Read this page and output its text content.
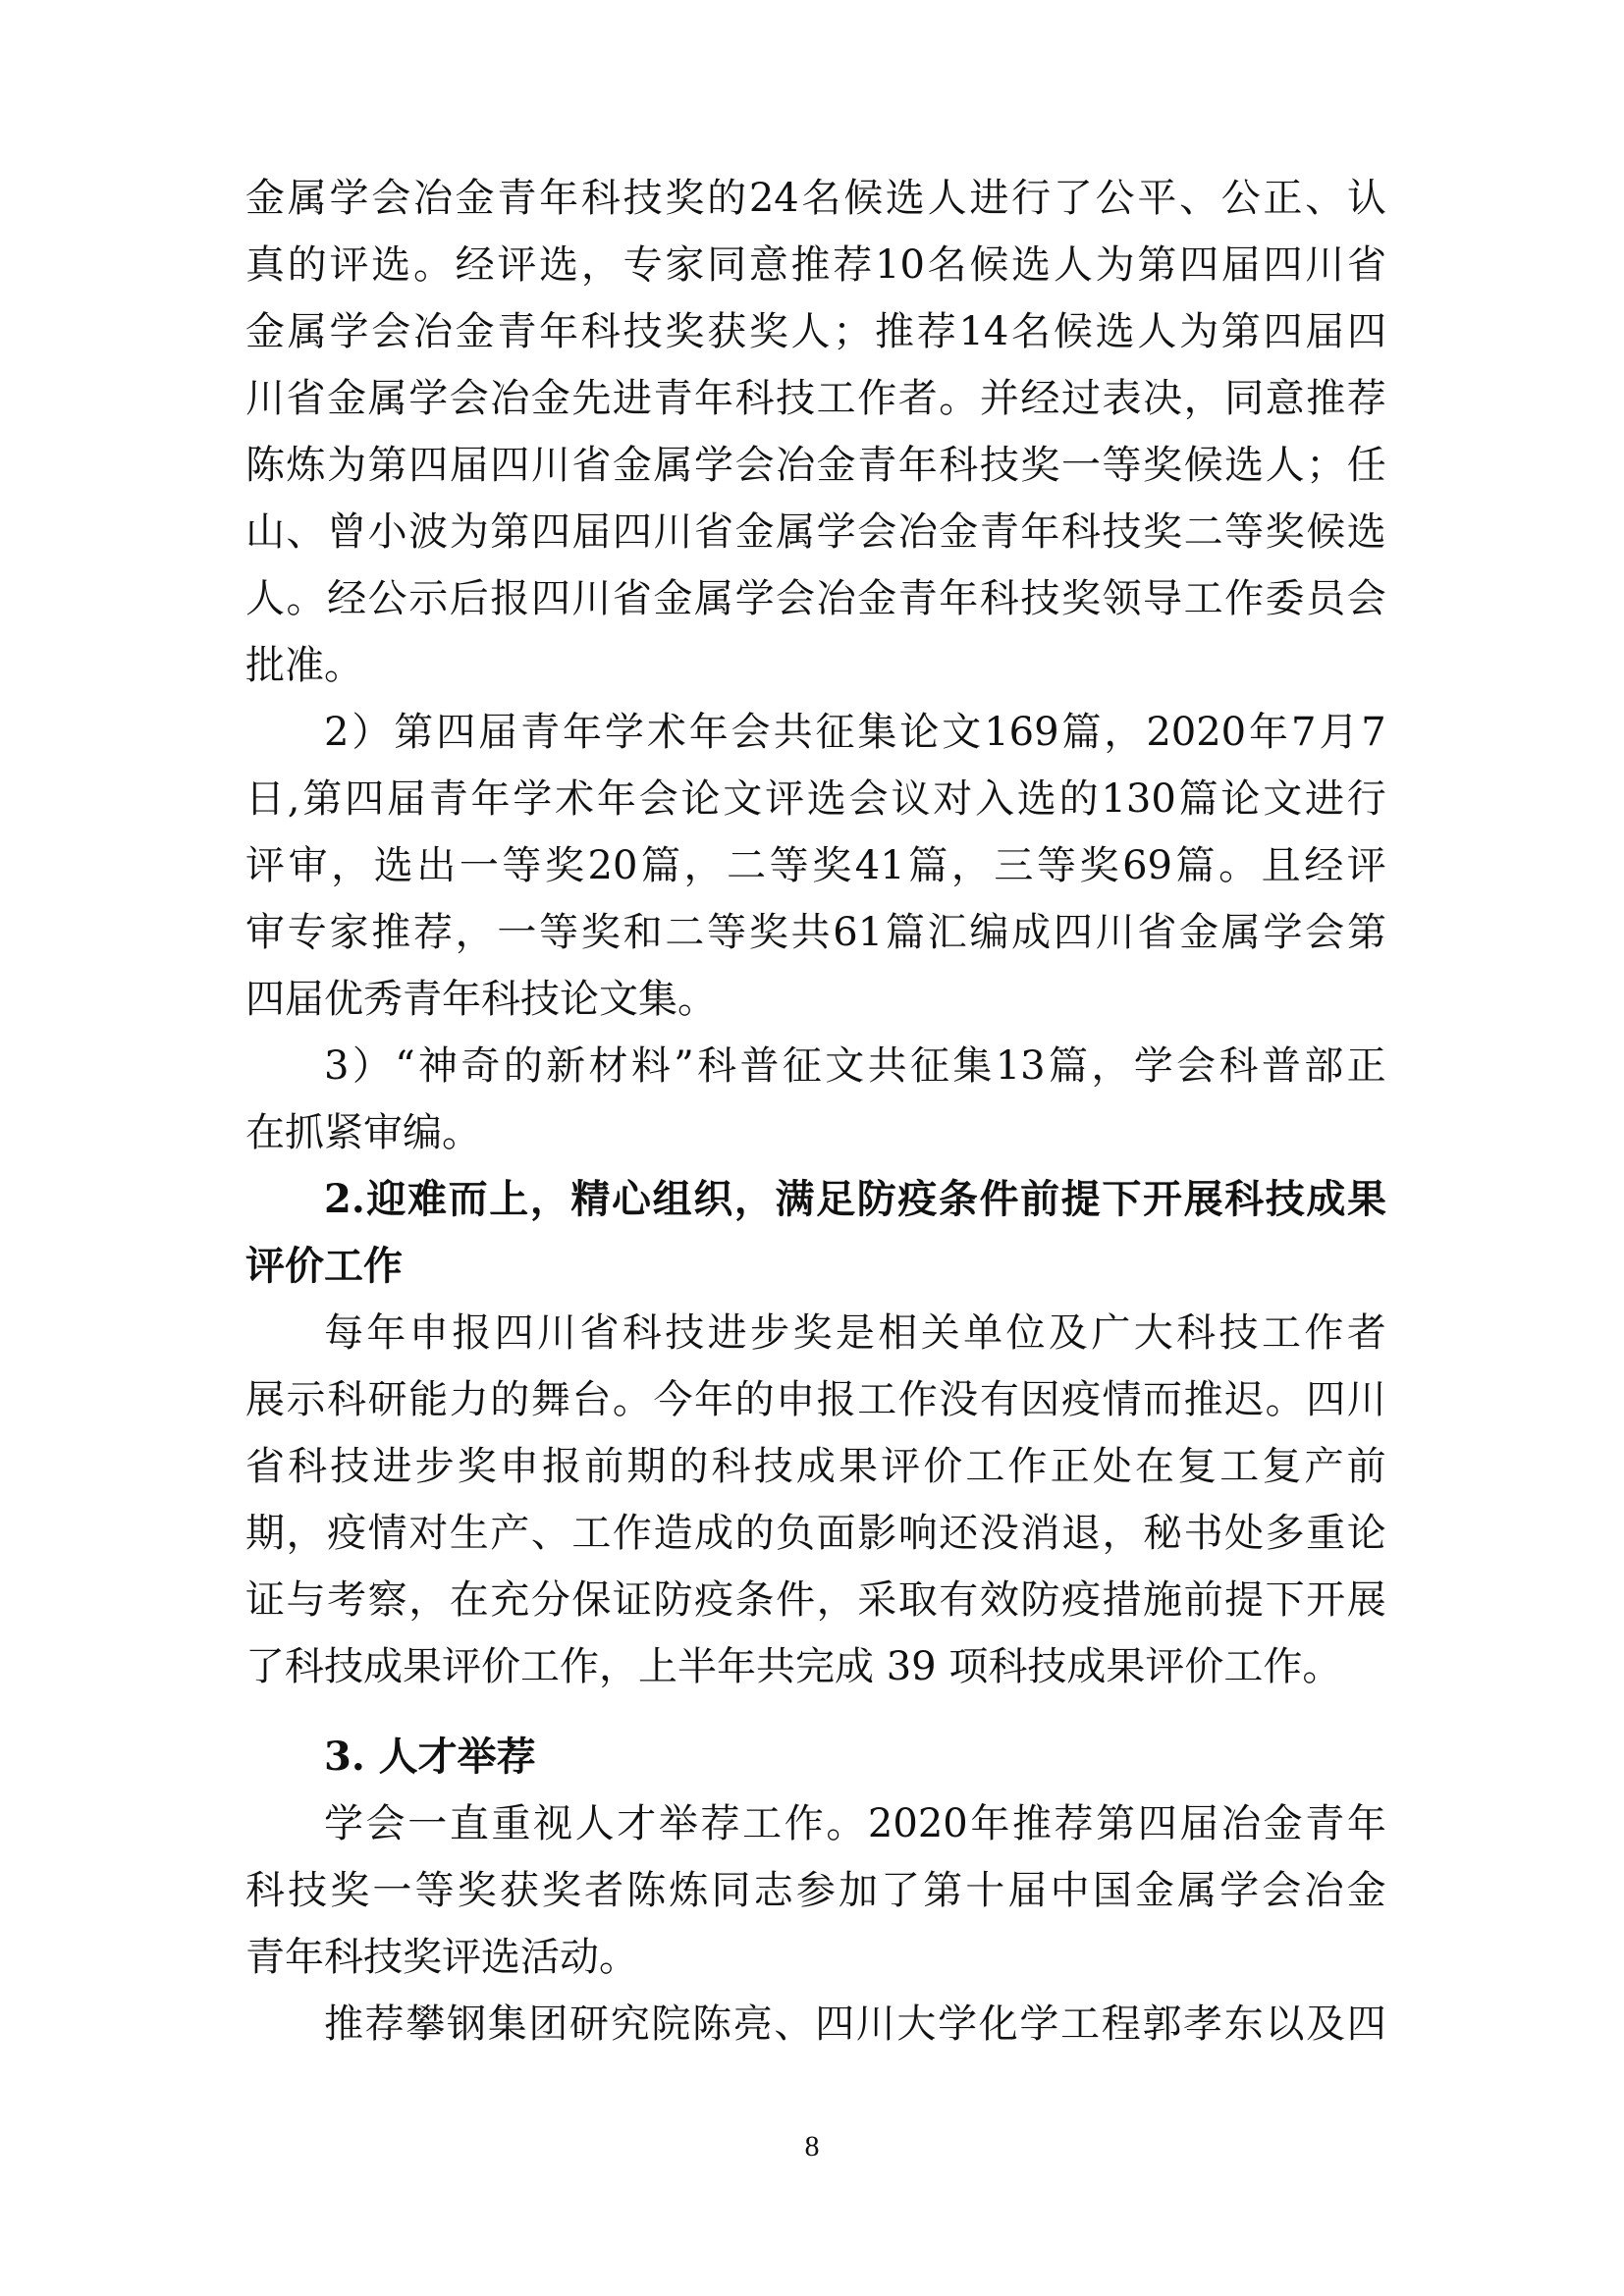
金 属 学 会 冶 金 青 年 科 技 奖 的 24 名 候 选 人 进 行 了 公 平 、 公 正 、 认
真 的 评 选 。 经 评 选 ， 专 家 同 意 推 荐 10 名 候 选 人 为 第 四 届 四 川 省
金 属 学 会 冶 金 青 年 科 技 奖 获 奖 人 ； 推 荐 14 名 候 选 人 为 第 四 届 四
川 省 金 属 学 会 冶 金 先 进 青 年 科 技 工 作 者 。 并 经 过 表 决 ， 同 意 推 荐
陈 炼 为 第 四 届 四 川 省 金 属 学 会 冶 金 青 年 科 技 奖 一 等 奖 候 选 人 ； 任
山 、 曾 小 波 为 第 四 届 四 川 省 金 属 学 会 冶 金 青 年 科 技 奖 二 等 奖 候 选
人 。 经 公 示 后 报 四 川 省 金 属 学 会 冶 金 青 年 科 技 奖 领 导 工 作 委 员 会
批准。
2 ） 第 四 届 青 年 学 术 年 会 共 征 集 论 文 169 篇 ， 2020 年 7 月 7
日 , 第 四 届 青 年 学 术 年 会 论 文 评 选 会 议 对 入 选 的 130 篇 论 文 进 行
评 审 ， 选 出 一 等 奖 20 篇 ， 二 等 奖 41 篇 ， 三 等 奖 69 篇 。 且 经 评
审 专 家 推 荐 ， 一 等 奖 和 二 等 奖 共 61 篇 汇 编 成 四 川 省 金 属 学 会 第
四届优秀青年科技论文集。
3 ） “ 神 奇 的 新 材 料 ” 科 普 征 文 共 征 集 13 篇 ， 学 会 科 普 部 正
在抓紧审编。
2. 迎 难 而 上 ， 精 心 组 织 ， 满 足 防 疫 条 件 前 提 下 开 展 科 技 成 果
评价工作
每 年 申 报 四 川 省 科 技 进 步 奖 是 相 关 单 位 及 广 大 科 技 工 作 者
展 示 科 研 能 力 的 舞 台 。 今 年 的 申 报 工 作 没 有 因 疫 情 而 推 迟 。 四 川
省 科 技 进 步 奖 申 报 前 期 的 科 技 成 果 评 价 工 作 正 处 在 复 工 复 产 前
期 ， 疫 情 对 生 产 、 工 作 造 成 的 负 面 影 响 还 没 消 退 ， 秘 书 处 多 重 论
证 与 考 察 ， 在 充 分 保 证 防 疫 条 件 ， 采 取 有 效 防 疫 措 施 前 提 下 开 展
了科技成果评价工作，上半年共完成 39 项科技成果评价工作。
3. 人才举荐
学 会 一 直 重 视 人 才 举 荐 工 作 。 2020 年 推 荐 第 四 届 冶 金 青 年
科 技 奖 一 等 奖 获 奖 者 陈 炼 同 志 参 加 了 第 十 届 中 国 金 属 学 会 冶 金
青年科技奖评选活动。
推 荐 攀 钢 集 团 研 究 院 陈 亮 、 四 川 大 学 化 学 工 程 郭 孝 东 以 及 四
8
